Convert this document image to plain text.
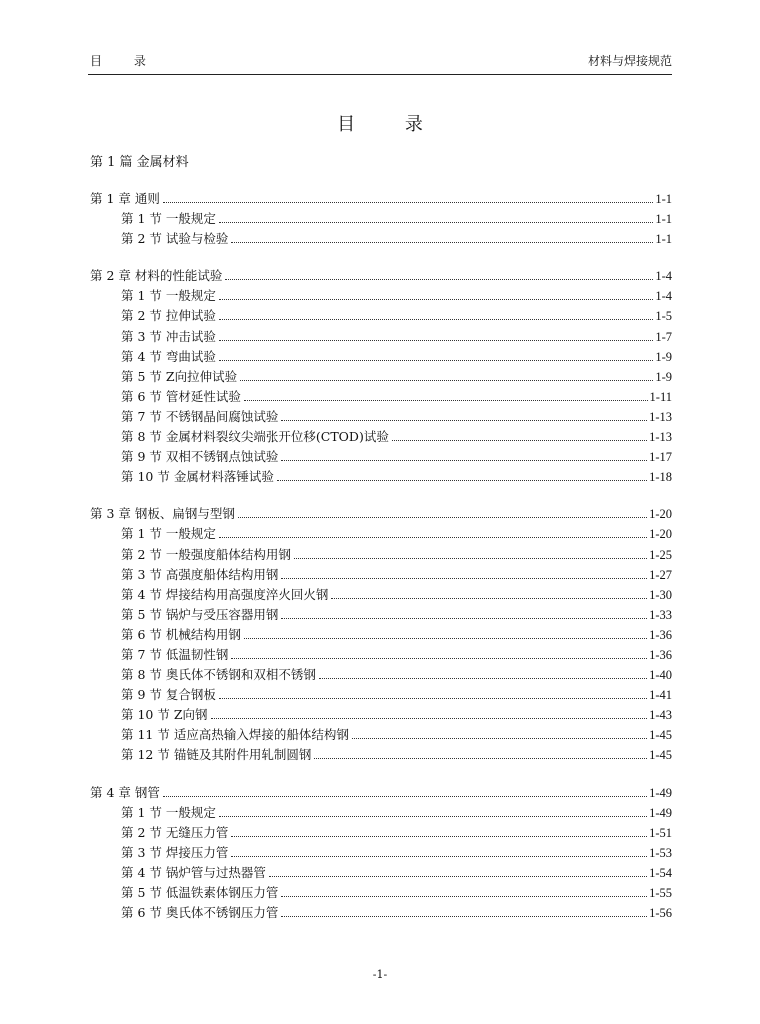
目 录	材料与焊接规范
目 录
第 1 篇 金属材料
第 1 章 通则	1-1
第 1 节 一般规定	1-1
第 2 节 试验与检验	1-1
第 2 章 材料的性能试验	1-4
第 1 节 一般规定	1-4
第 2 节 拉伸试验	1-5
第 3 节 冲击试验	1-7
第 4 节 弯曲试验	1-9
第 5 节 Z向拉伸试验	1-9
第 6 节 管材延性试验	1-11
第 7 节 不锈钢晶间腐蚀试验	1-13
第 8 节 金属材料裂纹尖端张开位移(CTOD)试验	1-13
第 9 节 双相不锈钢点蚀试验	1-17
第 10 节 金属材料落锤试验	1-18
第 3 章 钢板、扁钢与型钢	1-20
第 1 节 一般规定	1-20
第 2 节 一般强度船体结构用钢	1-25
第 3 节 高强度船体结构用钢	1-27
第 4 节 焊接结构用高强度淬火回火钢	1-30
第 5 节 锅炉与受压容器用钢	1-33
第 6 节 机械结构用钢	1-36
第 7 节 低温韧性钢	1-36
第 8 节 奥氏体不锈钢和双相不锈钢	1-40
第 9 节 复合钢板	1-41
第 10 节 Z向钢	1-43
第 11 节 适应高热输入焊接的船体结构钢	1-45
第 12 节 锚链及其附件用轧制圆钢	1-45
第 4 章 钢管	1-49
第 1 节 一般规定	1-49
第 2 节 无缝压力管	1-51
第 3 节 焊接压力管	1-53
第 4 节 锅炉管与过热器管	1-54
第 5 节 低温铁素体钢压力管	1-55
第 6 节 奥氏体不锈钢压力管	1-56
-1-
